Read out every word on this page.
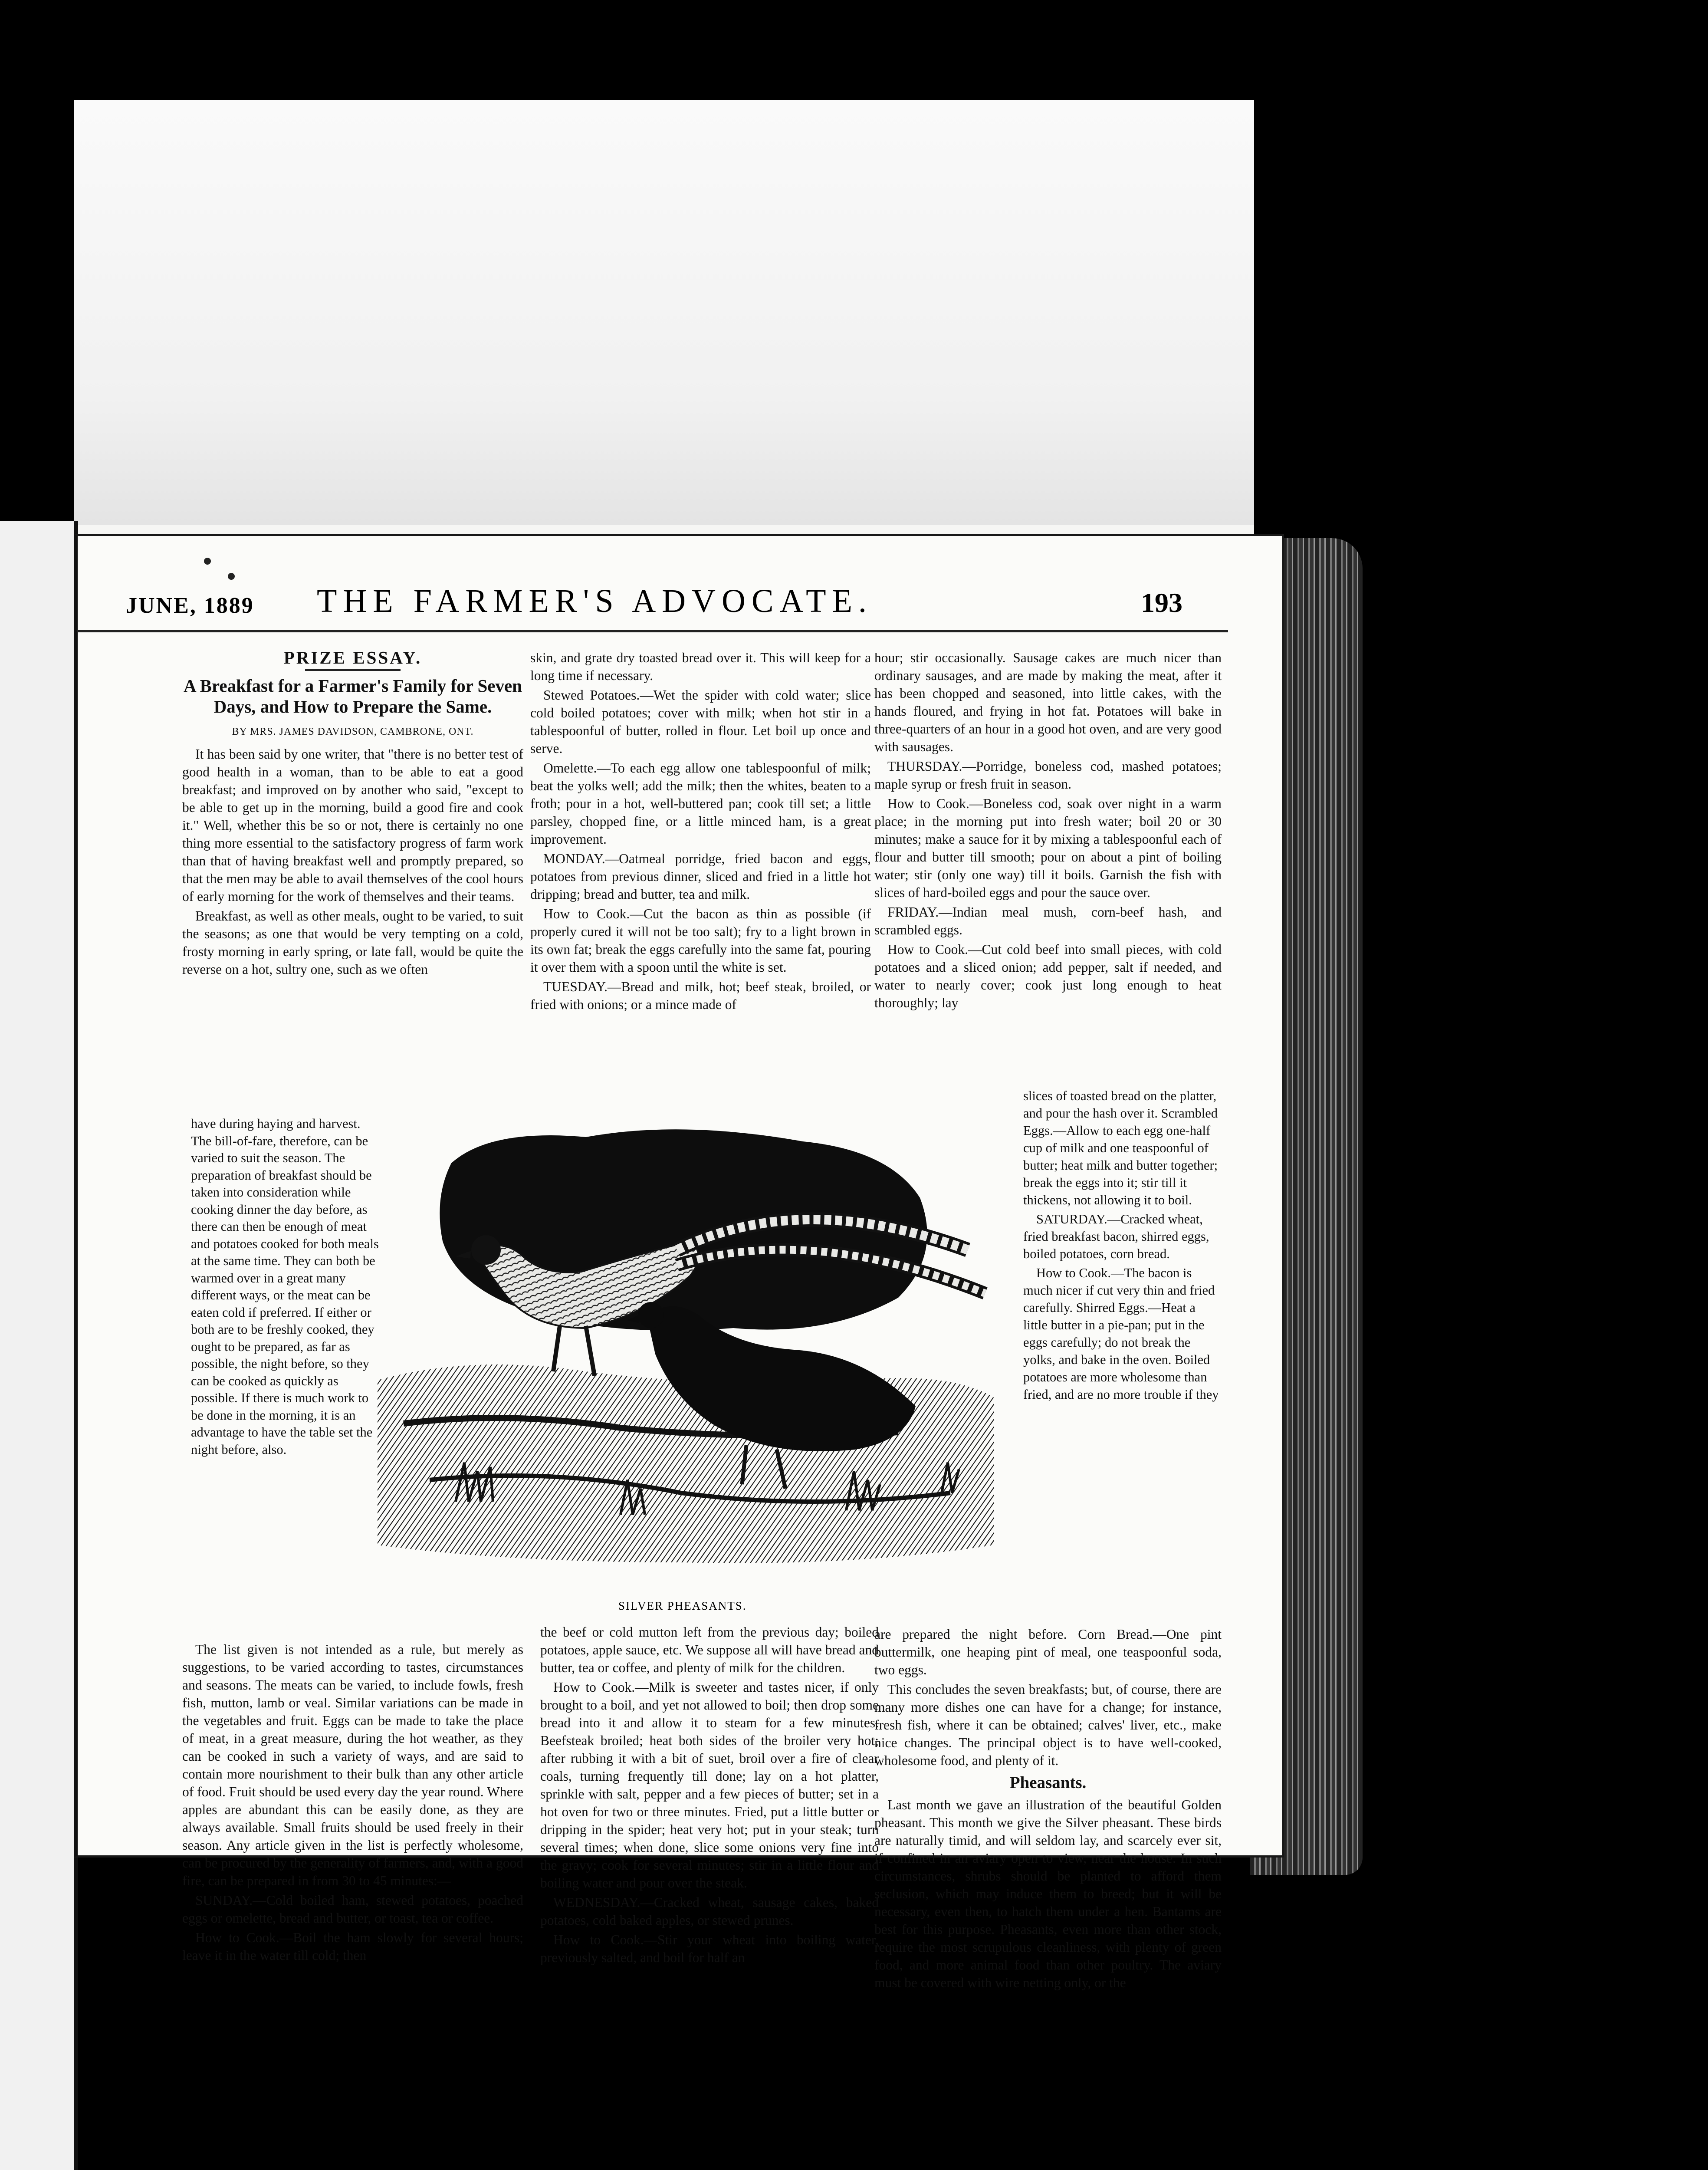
JUNE, 1889 THE FARMER'S ADVOCATE.	193
PRIZE ESSAY.
A Breakfast for a Farmer's Family for Seven Days, and How to Prepare the Same.
BY MRS. JAMES DAVIDSON, CAMBRONE, ONT.

It has been said by one writer, that "there is no better test of good health in a woman, than to be able to eat a good breakfast; and improved on by another who said, "except to be able to get up in the morning, build a good fire and cook it." Well, whether this be so or not, there is certainly no one thing more essential to the satisfactory progress of farm work than that of having breakfast well and promptly prepared, so that the men may be able to avail themselves of the cool hours of early morning for the work of themselves and their teams.

Breakfast, as well as other meals, ought to be varied, to suit the seasons; as one that would be very tempting on a cold, frosty morning in early spring, or late fall, would be quite the reverse on a hot, sultry one, such as we often

have during haying and harvest. The bill-of-fare, therefore, can be varied to suit the season. The preparation of breakfast should be taken into consideration while cooking dinner the day before, as there can then be enough of meat and potatoes cooked for both meals at the same time. They can both be warmed over in a great many different ways, or the meat can be eaten cold if preferred. If either or both are to be freshly cooked, they ought to be prepared, as far as possible, the night before, so they can be cooked as quickly as possible. If there is much work to be done in the morning, it is an advantage to have the table set the night before, also.

The list given is not intended as a rule, but merely as suggestions, to be varied according to tastes, circumstances and seasons. The meats can be varied, to include fowls, fresh fish, mutton, lamb or veal. Similar variations can be made in the vegetables and fruit. Eggs can be made to take the place of meat, in a great measure, during the hot weather, as they can be cooked in such a variety of ways, and are said to contain more nourishment to their bulk than any other article of food. Fruit should be used every day the year round. Where apples are abundant this can be easily done, as they are always available. Small fruits should be used freely in their season. Any article given in the list is perfectly wholesome, can be procured by the generality of farmers, and, with a good fire, can be prepared in from 30 to 45 minutes:—

SUNDAY.—Cold boiled ham, stewed potatoes, poached eggs or omelette, bread and butter, or toast, tea or coffee.

How to Cook.—Boil the ham slowly for several hours; leave it in the water till cold; then

skin, and grate dry toasted bread over it. This will keep for a long time if necessary.

Stewed Potatoes.—Wet the spider with cold water; slice cold boiled potatoes; cover with milk; when hot stir in a tablespoonful of butter, rolled in flour. Let boil up once and serve.

Omelette.—To each egg allow one tablespoonful of milk; beat the yolks well; add the milk; then the whites, beaten to a froth; pour in a hot, well-buttered pan; cook till set; a little parsley, chopped fine, or a little minced ham, is a great improvement.

MONDAY.—Oatmeal porridge, fried bacon and eggs, potatoes from previous dinner, sliced and fried in a little hot dripping; bread and butter, tea and milk.

How to Cook.—Cut the bacon as thin as possible (if properly cured it will not be too salt); fry to a light brown in its own fat; break the eggs carefully into the same fat, pouring it over them with a spoon until the white is set.

TUESDAY.—Bread and milk, hot; beef steak, broiled, or fried with onions; or a mince made of

the beef or cold mutton left from the previous day; boiled potatoes, apple sauce, etc. We suppose all will have bread and butter, tea or coffee, and plenty of milk for the children.

How to Cook.—Milk is sweeter and tastes nicer, if only brought to a boil, and yet not allowed to boil; then drop some bread into it and allow it to steam for a few minutes. Beefsteak broiled; heat both sides of the broiler very hot; after rubbing it with a bit of suet, broil over a fire of clear coals, turning frequently till done; lay on a hot platter, sprinkle with salt, pepper and a few pieces of butter; set in a hot oven for two or three minutes. Fried, put a little butter or dripping in the spider; heat very hot; put in your steak; turn several times; when done, slice some onions very fine into the gravy; cook for several minutes; stir in a little flour and boiling water and pour over the steak.

WEDNESDAY.—Cracked wheat, sausage cakes, baked potatoes, cold baked apples, or stewed prunes.

How to Cook.—Stir your wheat into boiling water, previously salted, and boil for half an

hour; stir occasionally. Sausage cakes are much nicer than ordinary sausages, and are made by making the meat, after it has been chopped and seasoned, into little cakes, with the hands floured, and frying in hot fat. Potatoes will bake in three-quarters of an hour in a good hot oven, and are very good with sausages.

THURSDAY.—Porridge, boneless cod, mashed potatoes; maple syrup or fresh fruit in season.

How to Cook.—Boneless cod, soak over night in a warm place; in the morning put into fresh water; boil 20 or 30 minutes; make a sauce for it by mixing a tablespoonful each of flour and butter till smooth; pour on about a pint of boiling water; stir (only one way) till it boils. Garnish the fish with slices of hard-boiled eggs and pour the sauce over.

FRIDAY.—Indian meal mush, corn-beef hash, and scrambled eggs.

How to Cook.—Cut cold beef into small pieces, with cold potatoes and a sliced onion; add pepper, salt if needed, and water to nearly cover; cook just long enough to heat thoroughly; lay

slices of toasted bread on the platter, and pour the hash over it. Scrambled Eggs.—Allow to each egg one-half cup of milk and one teaspoonful of butter; heat milk and butter together; break the eggs into it; stir till it thickens, not allowing it to boil.

SATURDAY.—Cracked wheat, fried breakfast bacon, shirred eggs, boiled potatoes, corn bread.

How to Cook.—The bacon is much nicer if cut very thin and fried carefully. Shirred Eggs.—Heat a little butter in a pie-pan; put in the eggs carefully; do not break the yolks, and bake in the oven. Boiled potatoes are more wholesome than fried, and are no more trouble if they

are prepared the night before. Corn Bread.—One pint buttermilk, one heaping pint of meal, one teaspoonful soda, two eggs.

This concludes the seven breakfasts; but, of course, there are many more dishes one can have for a change; for instance, fresh fish, where it can be obtained; calves' liver, etc., make nice changes. The principal object is to have well-cooked, wholesome food, and plenty of it.

Pheasants.

Last month we gave an illustration of the beautiful Golden pheasant. This month we give the Silver pheasant. These birds are naturally timid, and will seldom lay, and scarcely ever sit, if confined in an aviary open to view, near the house. In such circumstances, shrubs should be planted to afford them seclusion, which may induce them to breed; but it will be necessary, even then, to hatch them under a hen. Bantams are best for this purpose. Pheasants, even more than other stock, require the most scrupulous cleanliness, with plenty of green food, and more animal food than other poultry. The aviary must be covered with wire netting only, or the

SILVER PHEASANTS.
